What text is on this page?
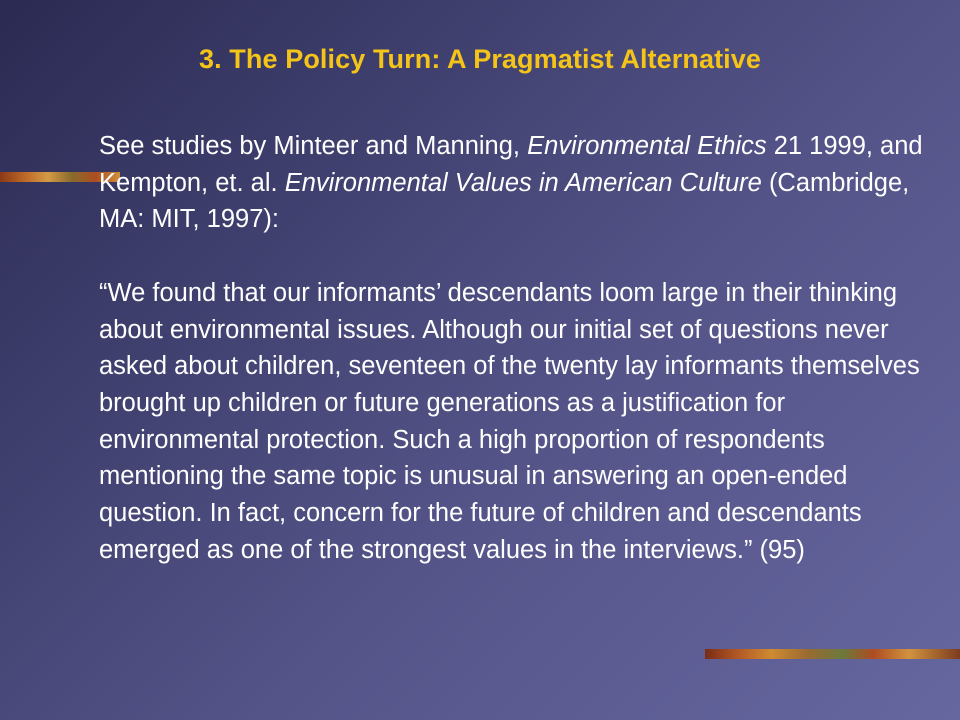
3. The Policy Turn: A Pragmatist Alternative

See studies by Minteer and Manning, Environmental Ethics 21 1999, and Kempton, et. al. Environmental Values in American Culture (Cambridge, MA: MIT, 1997):

“We found that our informants’ descendants loom large in their thinking about environmental issues. Although our initial set of questions never asked about children, seventeen of the twenty lay informants themselves brought up children or future generations as a justification for environmental protection. Such a high proportion of respondents mentioning the same topic is unusual in answering an open-ended question. In fact, concern for the future of children and descendants emerged as one of the strongest values in the interviews.” (95)
